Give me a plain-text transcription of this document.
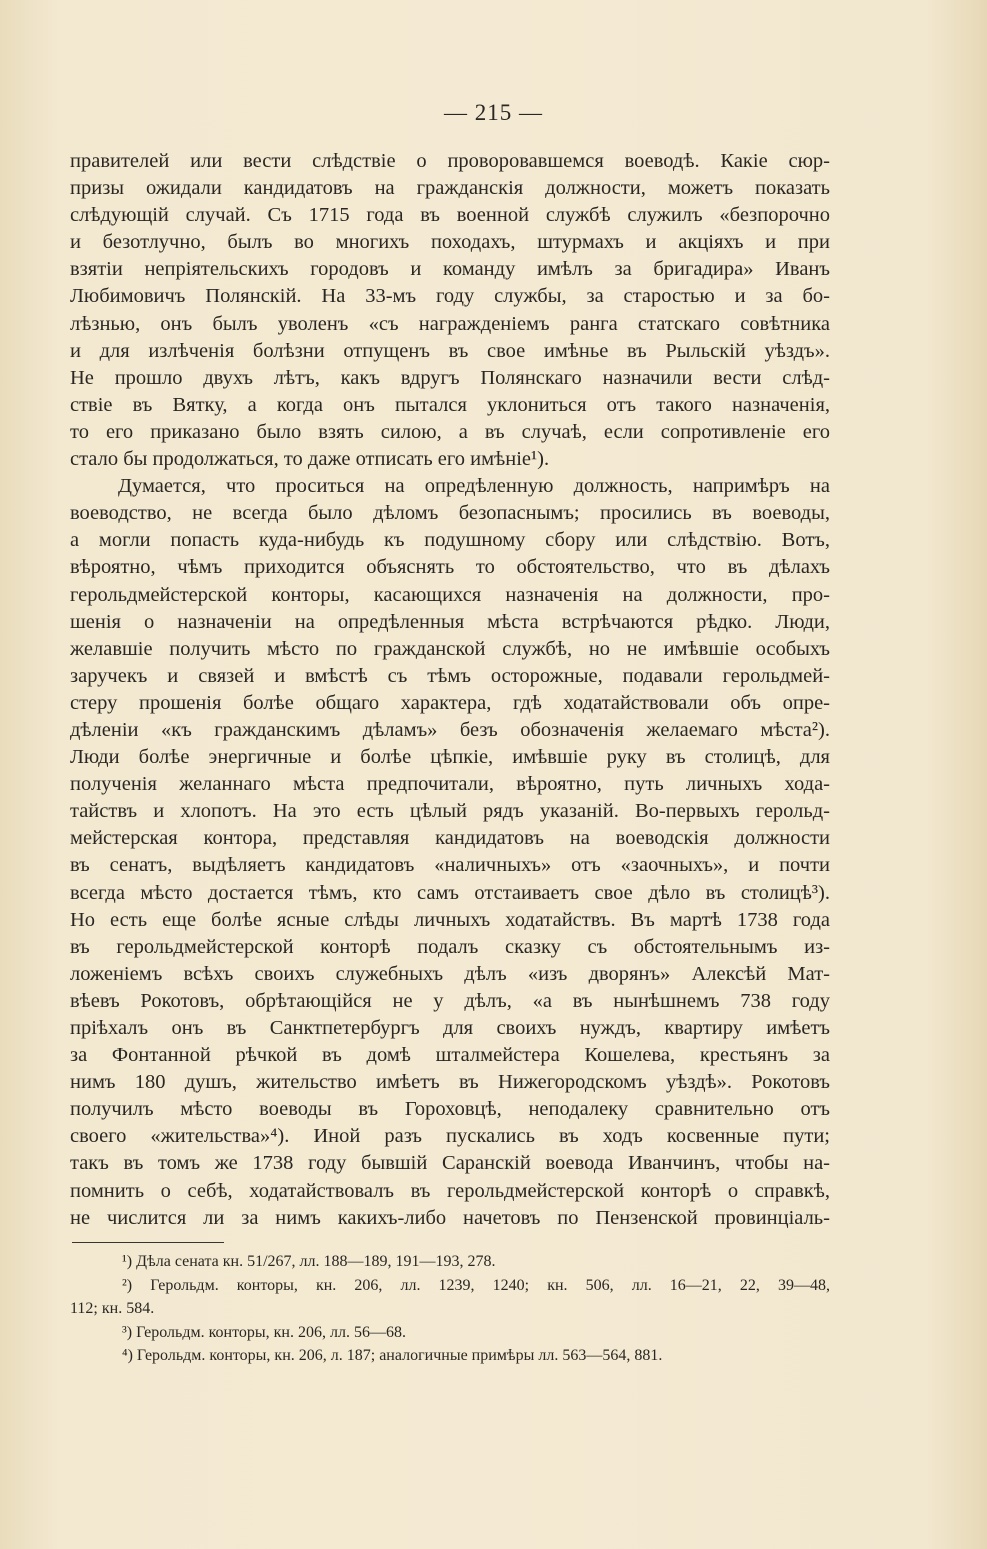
— 215 —
правителей или вести слѣдствіе о проворовавшемся воеводѣ. Какіе сюр-
призы ожидали кандидатовъ на гражданскія должности, можетъ показать
слѣдующій случай. Съ 1715 года въ военной службѣ служилъ «безпорочно
и безотлучно, былъ во многихъ походахъ, штурмахъ и акціяхъ и при
взятіи непріятельскихъ городовъ и команду имѣлъ за бригадира» Иванъ
Любимовичъ Полянскій. На 33-мъ году службы, за старостью и за бо-
лѣзнью, онъ былъ уволенъ «съ награжденіемъ ранга статскаго совѣтника
и для излѣченія болѣзни отпущенъ въ свое имѣнье въ Рыльскій уѣздъ».
Не прошло двухъ лѣтъ, какъ вдругъ Полянскаго назначили вести слѣд-
ствіе въ Вятку, а когда онъ пытался уклониться отъ такого назначенія,
то его приказано было взять силою, а въ случаѣ, если сопротивленіе его
стало бы продолжаться, то даже отписать его имѣніе¹).
Думается, что проситься на опредѣленную должность, напримѣръ на
воеводство, не всегда было дѣломъ безопаснымъ; просились въ воеводы,
а могли попасть куда-нибудь къ подушному сбору или слѣдствію. Вотъ,
вѣроятно, чѣмъ приходится объяснять то обстоятельство, что въ дѣлахъ
герольдмейстерской конторы, касающихся назначенія на должности, про-
шенія о назначеніи на опредѣленныя мѣста встрѣчаются рѣдко. Люди,
желавшіе получить мѣсто по гражданской службѣ, но не имѣвшіе особыхъ
заручекъ и связей и вмѣстѣ съ тѣмъ осторожные, подавали герольдмей-
стеру прошенія болѣе общаго характера, гдѣ ходатайствовали объ опре-
дѣленіи «къ гражданскимъ дѣламъ» безъ обозначенія желаемаго мѣста²).
Люди болѣе энергичные и болѣе цѣпкіе, имѣвшіе руку въ столицѣ, для
полученія желаннаго мѣста предпочитали, вѣроятно, путь личныхъ хода-
тайствъ и хлопотъ. На это есть цѣлый рядъ указаній. Во-первыхъ герольд-
мейстерская контора, представляя кандидатовъ на воеводскія должности
въ сенатъ, выдѣляетъ кандидатовъ «наличныхъ» отъ «заочныхъ», и почти
всегда мѣсто достается тѣмъ, кто самъ отстаиваетъ свое дѣло въ столицѣ³).
Но есть еще болѣе ясные слѣды личныхъ ходатайствъ. Въ мартѣ 1738 года
въ герольдмейстерской конторѣ подалъ сказку съ обстоятельнымъ из-
ложеніемъ всѣхъ своихъ служебныхъ дѣлъ «изъ дворянъ» Алексѣй Мат-
вѣевъ Рокотовъ, обрѣтающійся не у дѣлъ, «а въ нынѣшнемъ 738 году
пріѣхалъ онъ въ Санктпетербургъ для своихъ нуждъ, квартиру имѣетъ
за Фонтанной рѣчкой въ домѣ шталмейстера Кошелева, крестьянъ за
нимъ 180 душъ, жительство имѣетъ въ Нижегородскомъ уѣздѣ». Рокотовъ
получилъ мѣсто воеводы въ Гороховцѣ, неподалеку сравнительно отъ
своего «жительства»⁴). Иной разъ пускались въ ходъ косвенные пути;
такъ въ томъ же 1738 году бывшій Саранскій воевода Иванчинъ, чтобы на-
помнить о себѣ, ходатайствовалъ въ герольдмейстерской конторѣ о справкѣ,
не числится ли за нимъ какихъ-либо начетовъ по Пензенской провинціаль-
¹) Дѣла сената кн. 51/267, лл. 188—189, 191—193, 278.
²) Герольдм. конторы, кн. 206, лл. 1239, 1240; кн. 506, лл. 16—21, 22, 39—48,
112; кн. 584.
³) Герольдм. конторы, кн. 206, лл. 56—68.
⁴) Герольдм. конторы, кн. 206, л. 187; аналогичные примѣры лл. 563—564, 881.
